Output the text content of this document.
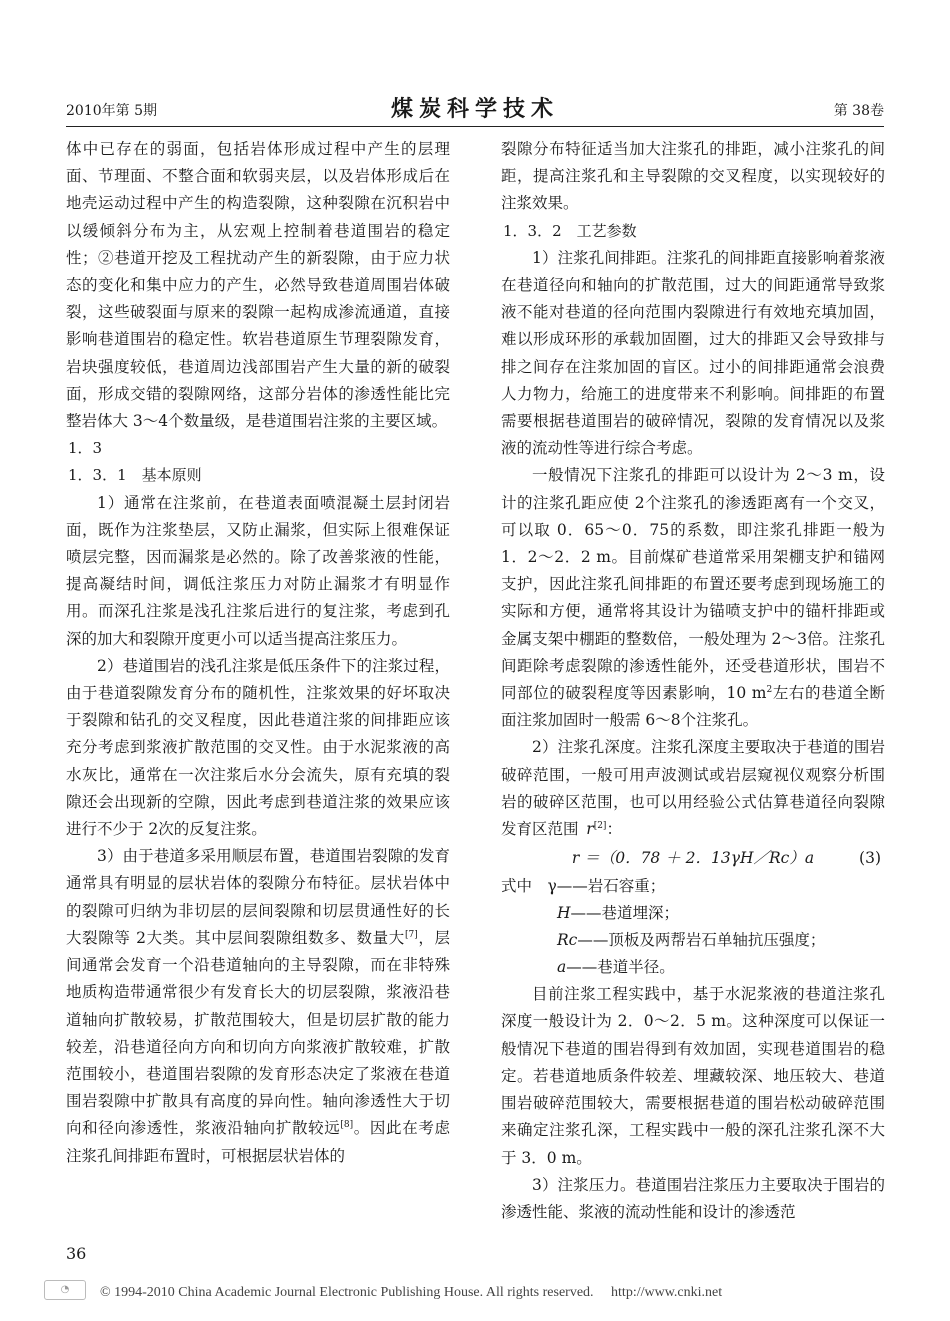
2010年第 5期	煤炭科学技术	第 38卷

体中已存在的弱面，包括岩体形成过程中产生的层理面、节理面、不整合面和软弱夹层，以及岩体形成后在地壳运动过程中产生的构造裂隙，这种裂隙在沉积岩中以缓倾斜分布为主，从宏观上控制着巷道围岩的稳定性；②巷道开挖及工程扰动产生的新裂隙，由于应力状态的变化和集中应力的产生，必然导致巷道周围岩体破裂，这些破裂面与原来的裂隙一起构成渗流通道，直接影响巷道围岩的稳定性。软岩巷道原生节理裂隙发育，岩块强度较低，巷道周边浅部围岩产生大量的新的破裂面，形成交错的裂隙网络，这部分岩体的渗透性能比完整岩体大 3～4个数量级，是巷道围岩注浆的主要区域。

1．3
1．3．1　基本原则

1）通常在注浆前，在巷道表面喷混凝土层封闭岩面，既作为注浆垫层，又防止漏浆，但实际上很难保证喷层完整，因而漏浆是必然的。除了改善浆液的性能，提高凝结时间，调低注浆压力对防止漏浆才有明显作用。而深孔注浆是浅孔注浆后进行的复注浆，考虑到孔深的加大和裂隙开度更小可以适当提高注浆压力。

2）巷道围岩的浅孔注浆是低压条件下的注浆过程，由于巷道裂隙发育分布的随机性，注浆效果的好坏取决于裂隙和钻孔的交叉程度，因此巷道注浆的间排距应该充分考虑到浆液扩散范围的交叉性。由于水泥浆液的高水灰比，通常在一次注浆后水分会流失，原有充填的裂隙还会出现新的空隙，因此考虑到巷道注浆的效果应该进行不少于 2次的反复注浆。

3）由于巷道多采用顺层布置，巷道围岩裂隙的发育通常具有明显的层状岩体的裂隙分布特征。层状岩体中的裂隙可归纳为非切层的层间裂隙和切层贯通性好的长大裂隙等 2大类。其中层间裂隙组数多、数量大[7]，层间通常会发育一个沿巷道轴向的主导裂隙，而在非特殊地质构造带通常很少有发育长大的切层裂隙，浆液沿巷道轴向扩散较易，扩散范围较大，但是切层扩散的能力较差，沿巷道径向方向和切向方向浆液扩散较难，扩散范围较小，巷道围岩裂隙的发育形态决定了浆液在巷道围岩裂隙中扩散具有高度的异向性。轴向渗透性大于切向和径向渗透性，浆液沿轴向扩散较远[8]。因此在考虑注浆孔间排距布置时，可根据层状岩体的

裂隙分布特征适当加大注浆孔的排距，减小注浆孔的间距，提高注浆孔和主导裂隙的交叉程度，以实现较好的注浆效果。

1．3．2　工艺参数

1）注浆孔间排距。注浆孔的间排距直接影响着浆液在巷道径向和轴向的扩散范围，过大的间距通常导致浆液不能对巷道的径向范围内裂隙进行有效地充填加固，难以形成环形的承载加固圈，过大的排距又会导致排与排之间存在注浆加固的盲区。过小的间排距通常会浪费人力物力，给施工的进度带来不利影响。间排距的布置需要根据巷道围岩的破碎情况，裂隙的发育情况以及浆液的流动性等进行综合考虑。

一般情况下注浆孔的排距可以设计为 2～3 m，设计的注浆孔距应使 2个注浆孔的渗透距离有一个交叉，可以取 0．65～0．75的系数，即注浆孔排距一般为 1．2～2．2 m。目前煤矿巷道常采用架棚支护和锚网支护，因此注浆孔间排距的布置还要考虑到现场施工的实际和方便，通常将其设计为锚喷支护中的锚杆排距或金属支架中棚距的整数倍，一般处理为 2～3倍。注浆孔间距除考虑裂隙的渗透性能外，还受巷道形状，围岩不同部位的破裂程度等因素影响，10 $m^2$左右的巷道全断面注浆加固时一般需 6～8个注浆孔。

2）注浆孔深度。注浆孔深度主要取决于巷道的围岩破碎范围，一般可用声波测试或岩层窥视仪观察分析围岩的破碎区范围，也可以用经验公式估算巷道径向裂隙发育区范围  r[2]：

r ＝（0．78 ＋ 2．13γH／Rc）a	(3)
式中　γ——岩石容重；
H——巷道埋深；
Rc——顶板及两帮岩石单轴抗压强度；
a——巷道半径。

目前注浆工程实践中，基于水泥浆液的巷道注浆孔深度一般设计为 2．0～2．5 m。这种深度可以保证一般情况下巷道的围岩得到有效加固，实现巷道围岩的稳定。若巷道地质条件较差、埋藏较深、地压较大、巷道围岩破碎范围较大，需要根据巷道的围岩松动破碎范围来确定注浆孔深，工程实践中一般的深孔注浆孔深不大于 3．0 m。

3）注浆压力。巷道围岩注浆压力主要取决于围岩的渗透性能、浆液的流动性能和设计的渗透范

36
◔	© 1994-2010 China Academic Journal Electronic Publishing House. All rights reserved.　 http://www.cnki.net
